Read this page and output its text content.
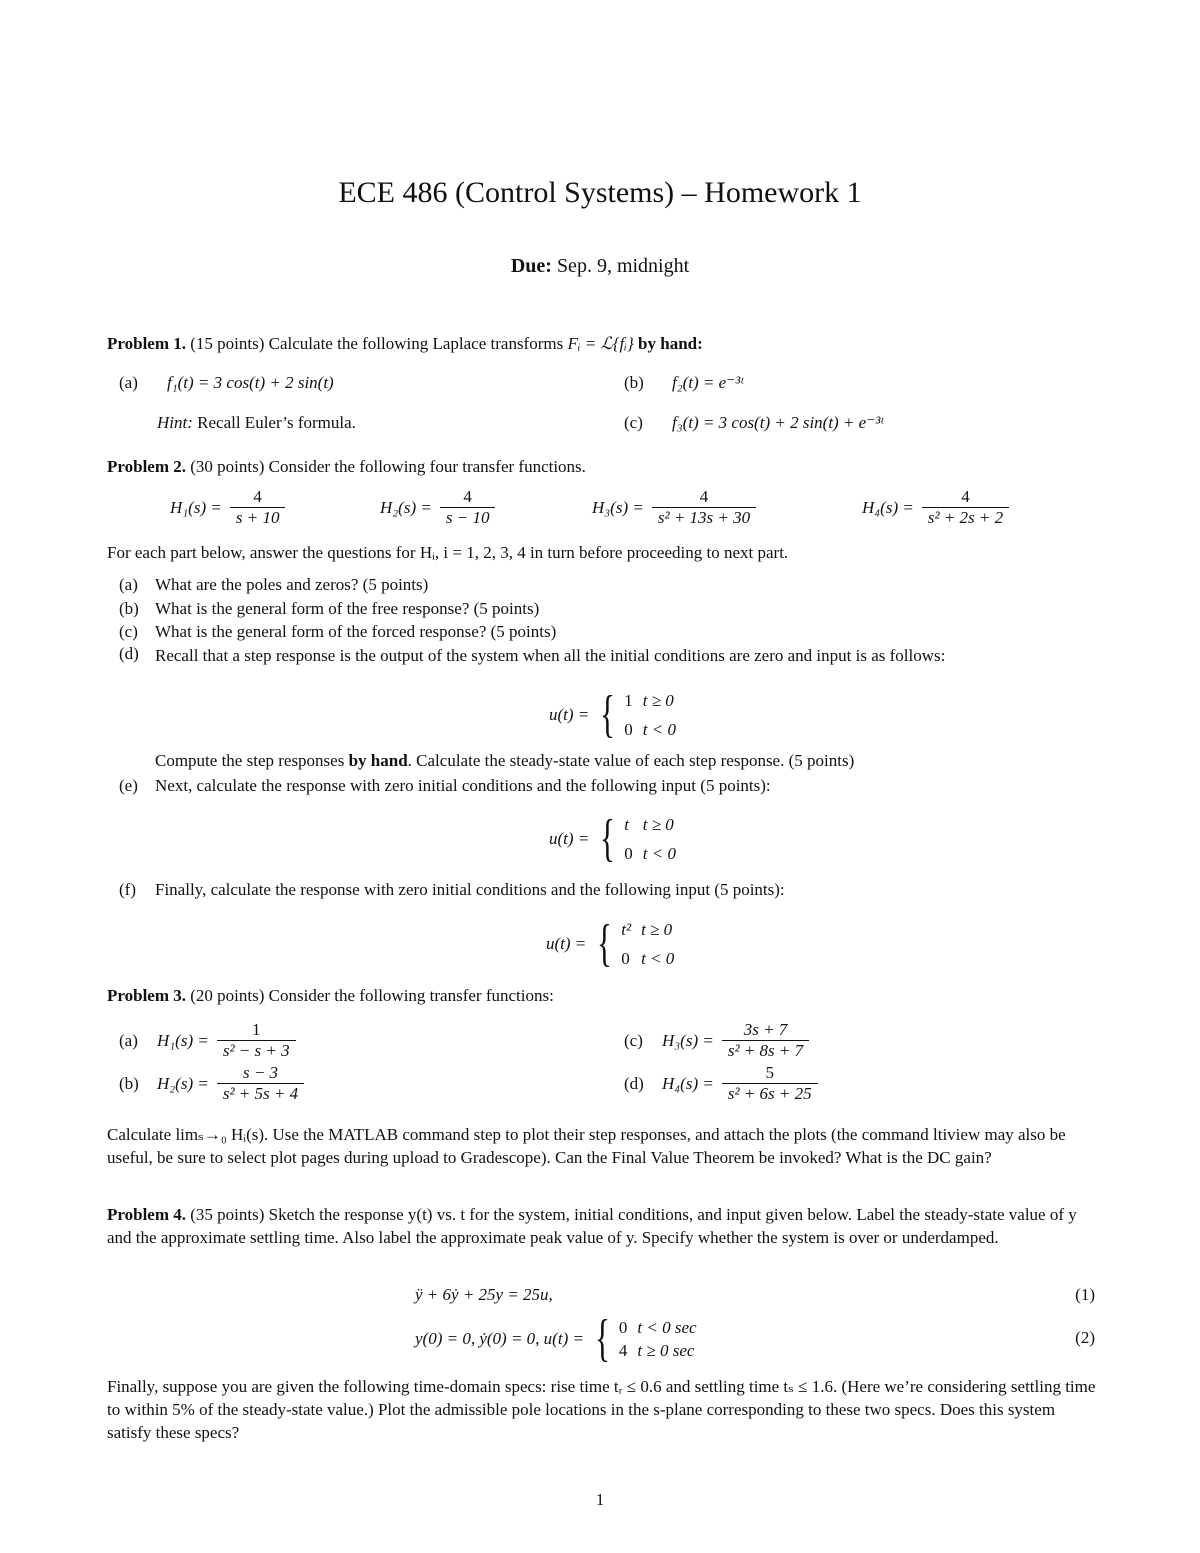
ECE 486 (Control Systems) – Homework 1
Due: Sep. 9, midnight
Problem 1. (15 points) Calculate the following Laplace transforms Fᵢ = ℒ{fᵢ} by hand:
(a) f₁(t) = 3 cos(t) + 2 sin(t)	(b) f₂(t) = e⁻³ᵗ
Hint: Recall Euler’s formula.	(c) f₃(t) = 3 cos(t) + 2 sin(t) + e⁻³ᵗ
Problem 2. (30 points) Consider the following four transfer functions.
$H_1(s) = \frac{4}{s + 10}$	$H_2(s) = \frac{4}{s - 10}$	$H_3(s) = \frac{4}{\text{s² + 13s + 30}}$	$H_4(s) = \frac{4}{\text{s² + 2s + 2}}$
For each part below, answer the questions for Hᵢ, i = 1, 2, 3, 4 in turn before proceeding to next part.
(a) What are the poles and zeros? (5 points)
(b) What is the general form of the free response? (5 points)
(c) What is the general form of the forced response? (5 points)
(d) Recall that a step response is the output of the system when all the initial conditions are zero and input is as follows:
u(t) = { 1	t ≥ 0
0	t < 0
Compute the step responses by hand. Calculate the steady-state value of each step response. (5 points)
(e) Next, calculate the response with zero initial conditions and the following input (5 points):
u(t) = { t	t ≥ 0
0	t < 0
(f) Finally, calculate the response with zero initial conditions and the following input (5 points):
u(t) = { t²	t ≥ 0
0	t < 0
Problem 3. (20 points) Consider the following transfer functions:
(a)	$H_1(s) = \frac{1}{\text{s² − s + 3}}$	(c)	$H_3(s) = \frac{3s + 7}{\text{s² + 8s + 7}}$
(b)	$H_2(s) = \frac{s - 3}{\text{s² + 5s + 4}}$	(d)	$H_4(s) = \frac{5}{\text{s² + 6s + 25}}$
Calculate limₛ→₀ Hᵢ(s). Use the MATLAB command step to plot their step responses, and attach the plots (the command ltiview may also be useful, be sure to select plot pages during upload to Gradescope). Can the Final Value Theorem be invoked? What is the DC gain?
Problem 4. (35 points) Sketch the response y(t) vs. t for the system, initial conditions, and input given below. Label the steady-state value of y and the approximate settling time. Also label the approximate peak value of y. Specify whether the system is over or underdamped.
ÿ + 6ẏ + 25y = 25u,	(1)
y(0) = 0, ẏ(0) = 0, u(t) = { 0	t < 0 sec
4	t ≥ 0 sec
(2)
Finally, suppose you are given the following time-domain specs: rise time tᵣ ≤ 0.6 and settling time tₛ ≤ 1.6. (Here we’re considering settling time to within 5% of the steady-state value.) Plot the admissible pole locations in the s-plane corresponding to these two specs. Does this system satisfy these specs?
1
